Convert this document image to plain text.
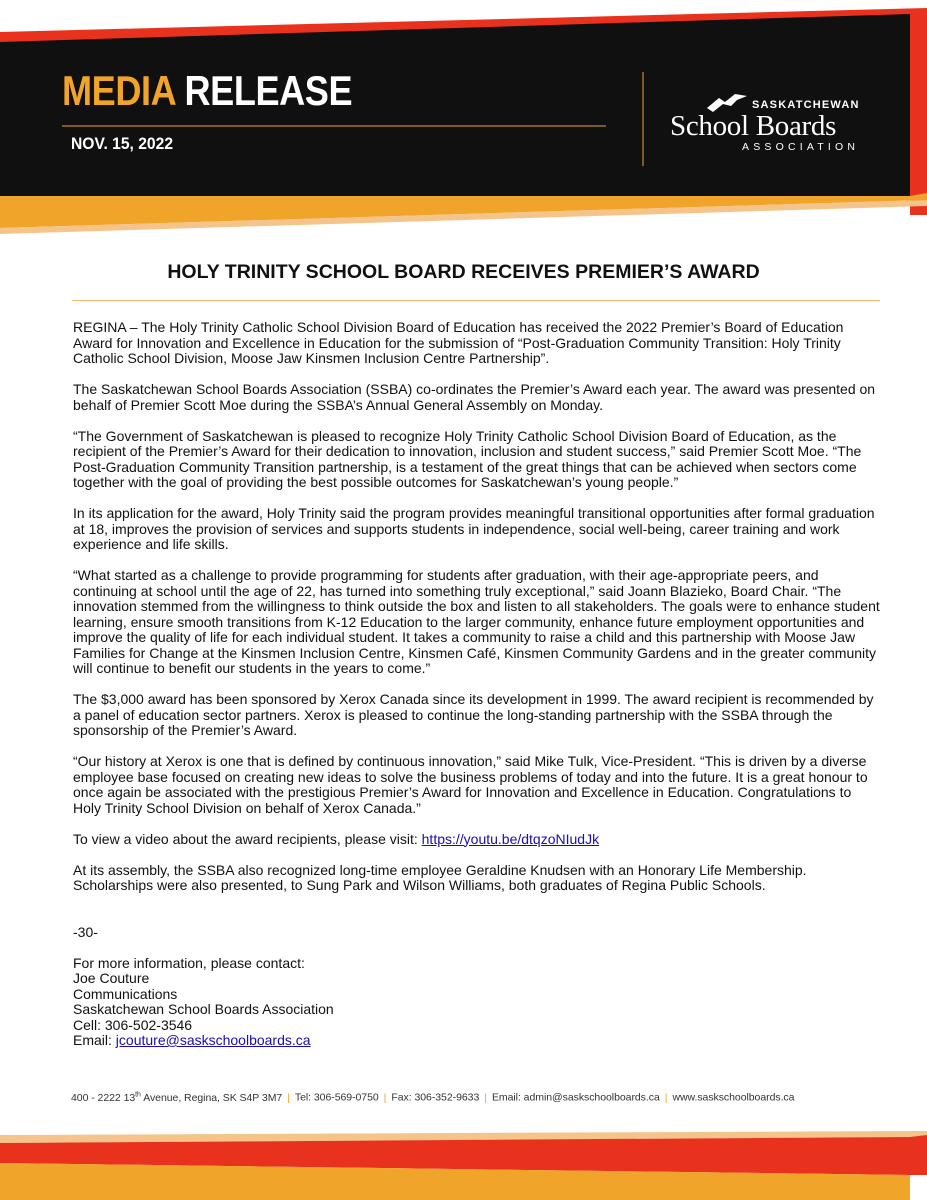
MEDIA RELEASE
NOV. 15, 2022
SASKATCHEWAN
School Boards
ASSOCIATION
HOLY TRINITY SCHOOL BOARD RECEIVES PREMIER’S AWARD

REGINA – The Holy Trinity Catholic School Division Board of Education has received the 2022 Premier’s Board of Education Award for Innovation and Excellence in Education for the submission of “Post-Graduation Community Transition: Holy Trinity Catholic School Division, Moose Jaw Kinsmen Inclusion Centre Partnership”.

The Saskatchewan School Boards Association (SSBA) co-ordinates the Premier’s Award each year. The award was presented on behalf of Premier Scott Moe during the SSBA’s Annual General Assembly on Monday.

“The Government of Saskatchewan is pleased to recognize Holy Trinity Catholic School Division Board of Education, as the recipient of the Premier’s Award for their dedication to innovation, inclusion and student success,” said Premier Scott Moe. “The Post-Graduation Community Transition partnership, is a testament of the great things that can be achieved when sectors come together with the goal of providing the best possible outcomes for Saskatchewan’s young people.”

In its application for the award, Holy Trinity said the program provides meaningful transitional opportunities after formal graduation at 18, improves the provision of services and supports students in independence, social well-being, career training and work experience and life skills.

“What started as a challenge to provide programming for students after graduation, with their age-appropriate peers, and continuing at school until the age of 22, has turned into something truly exceptional,” said Joann Blazieko, Board Chair. “The innovation stemmed from the willingness to think outside the box and listen to all stakeholders. The goals were to enhance student learning, ensure smooth transitions from K-12 Education to the larger community, enhance future employment opportunities and improve the quality of life for each individual student. It takes a community to raise a child and this partnership with Moose Jaw Families for Change at the Kinsmen Inclusion Centre, Kinsmen Café, Kinsmen Community Gardens and in the greater community will continue to benefit our students in the years to come.”

The $3,000 award has been sponsored by Xerox Canada since its development in 1999. The award recipient is recommended by a panel of education sector partners. Xerox is pleased to continue the long-standing partnership with the SSBA through the sponsorship of the Premier’s Award.

“Our history at Xerox is one that is defined by continuous innovation,” said Mike Tulk, Vice-President. “This is driven by a diverse employee base focused on creating new ideas to solve the business problems of today and into the future. It is a great honour to once again be associated with the prestigious Premier’s Award for Innovation and Excellence in Education. Congratulations to Holy Trinity School Division on behalf of Xerox Canada.”

To view a video about the award recipients, please visit: https://youtu.be/dtqzoNIudJk

At its assembly, the SSBA also recognized long-time employee Geraldine Knudsen with an Honorary Life Membership. Scholarships were also presented, to Sung Park and Wilson Williams, both graduates of Regina Public Schools.

-30-
For more information, please contact:
Joe Couture
Communications
Saskatchewan School Boards Association
Cell: 306-502-3546
Email: jcouture@saskschoolboards.ca
400 - 2222 13th Avenue, Regina, SK S4P 3M7 | Tel: 306-569-0750 | Fax: 306-352-9633 | Email: admin@saskschoolboards.ca | www.saskschoolboards.ca
